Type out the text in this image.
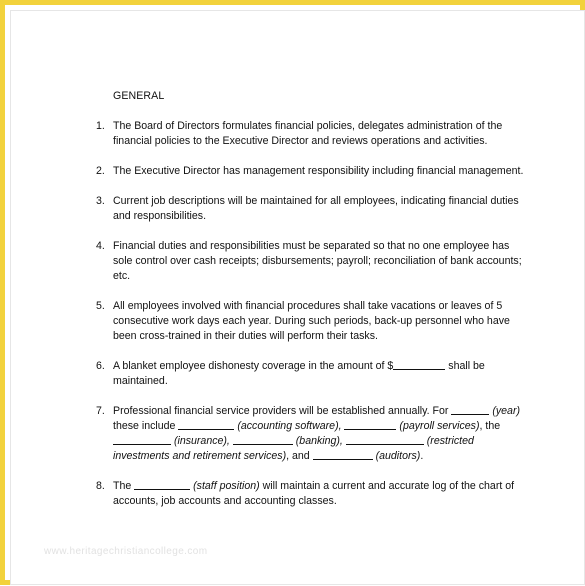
GENERAL
1. The Board of Directors formulates financial policies, delegates administration of the
financial policies to the Executive Director and reviews operations and activities.
2. The Executive Director has management responsibility including financial management.
3. Current job descriptions will be maintained for all employees, indicating financial duties
and responsibilities.
4. Financial duties and responsibilities must be separated so that no one employee has
sole control over cash receipts; disbursements; payroll; reconciliation of bank accounts;
etc.
5. All employees involved with financial procedures shall take vacations or leaves of 5
consecutive work days each year. During such periods, back-up personnel who have
been cross-trained in their duties will perform their tasks.
6. A blanket employee dishonesty coverage in the amount of $	shall be
maintained.
7. Professional financial service providers will be established annually. For	(year)
these include	(accounting software),	(payroll services), the
(insurance),	(banking),	(restricted
investments and retirement services), and	(auditors).
8. The	(staff position) will maintain a current and accurate log of the chart of
accounts, job accounts and accounting classes.
www.heritagechristiancollege.com
